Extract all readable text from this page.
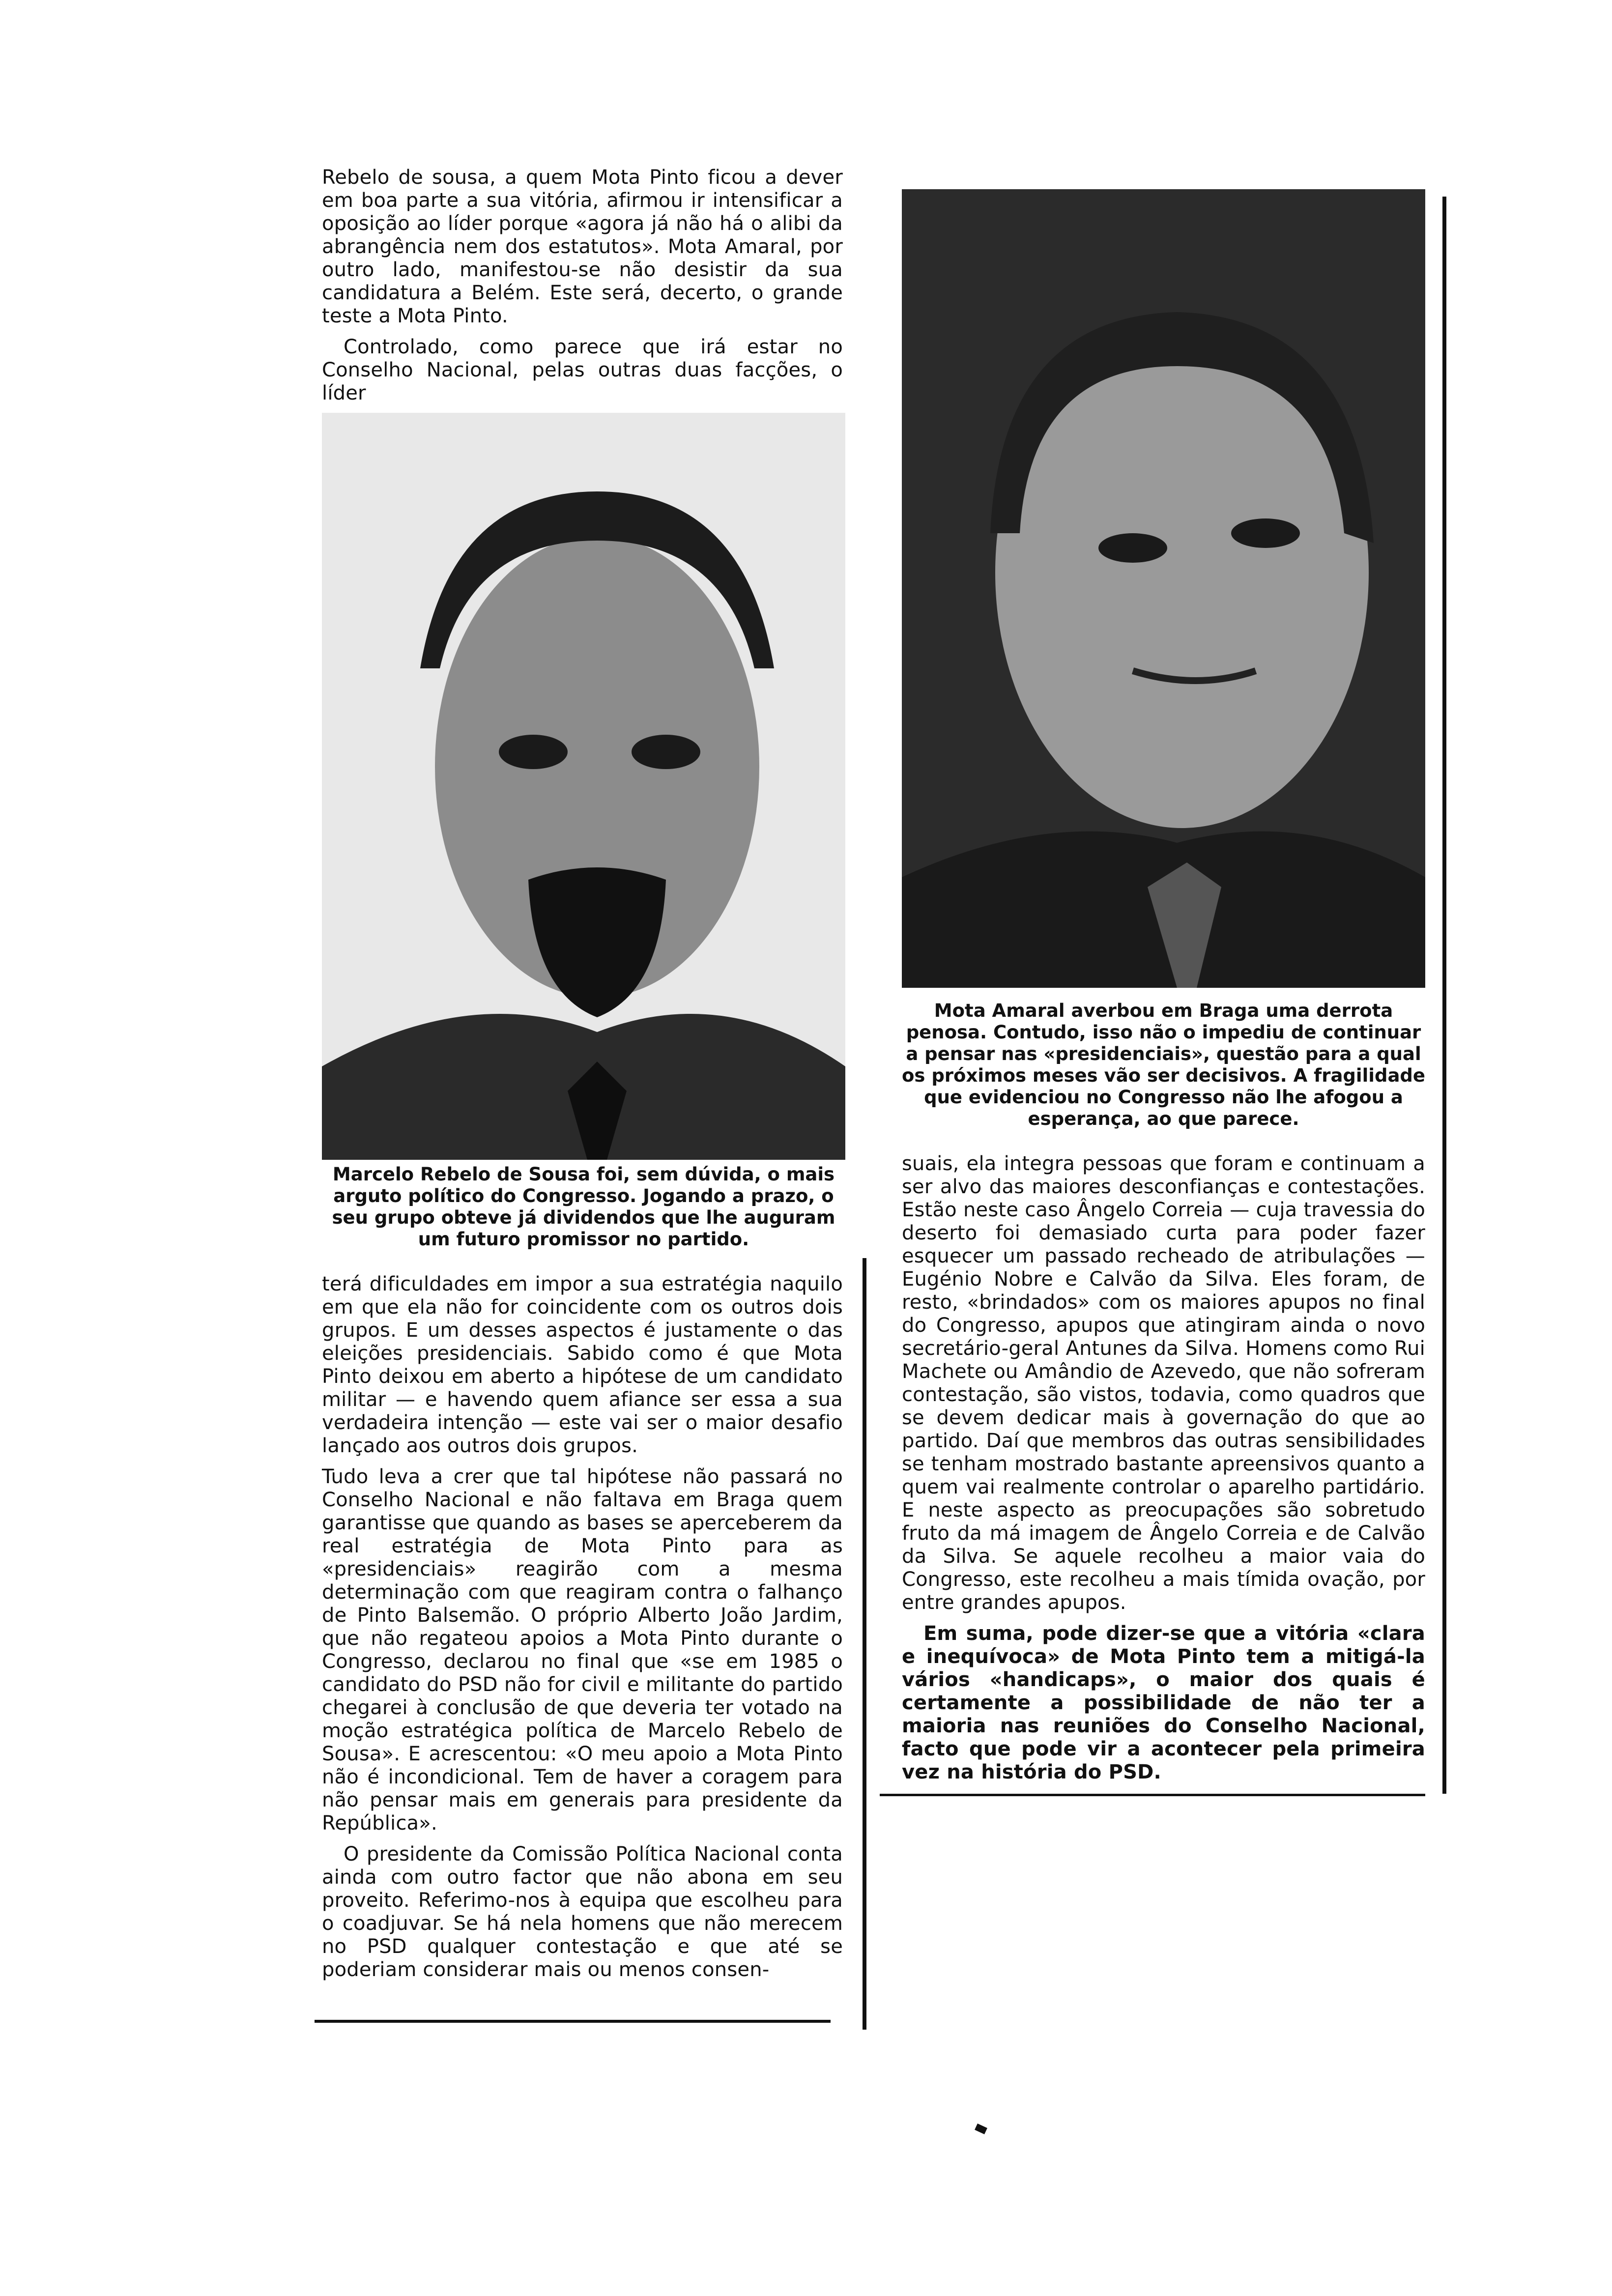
Rebelo de sousa, a quem Mota Pinto ficou a dever em boa parte a sua vitória, afirmou ir intensificar a oposição ao líder porque «agora já não há o alibi da abrangência nem dos estatutos». Mota Amaral, por outro lado, manifestou-se não desistir da sua candidatura a Belém. Este será, decerto, o grande teste a Mota Pinto.

Controlado, como parece que irá estar no Conselho Nacional, pelas outras duas facções, o líder

Marcelo Rebelo de Sousa foi, sem dúvida, o mais arguto político do Congresso. Jogando a prazo, o seu grupo obteve já dividendos que lhe auguram um futuro promissor no partido.
Mota Amaral averbou em Braga uma derrota penosa. Contudo, isso não o impediu de continuar a pensar nas «presidenciais», questão para a qual os próximos meses vão ser decisivos. A fragilidade que evidenciou no Congresso não lhe afogou a esperança, ao que parece.

terá dificuldades em impor a sua estratégia naquilo em que ela não for coincidente com os outros dois grupos. E um desses aspectos é justamente o das eleições presidenciais. Sabido como é que Mota Pinto deixou em aberto a hipótese de um candidato militar — e havendo quem afiance ser essa a sua verdadeira intenção — este vai ser o maior desafio lançado aos outros dois grupos.

Tudo leva a crer que tal hipótese não passará no Conselho Nacional e não faltava em Braga quem garantisse que quando as bases se aperceberem da real estratégia de Mota Pinto para as «presidenciais» reagirão com a mesma determinação com que reagiram contra o falhanço de Pinto Balsemão. O próprio Alberto João Jardim, que não regateou apoios a Mota Pinto durante o Congresso, declarou no final que «se em 1985 o candidato do PSD não for civil e militante do partido chegarei à conclusão de que deveria ter votado na moção estratégica política de Marcelo Rebelo de Sousa». E acrescentou: «O meu apoio a Mota Pinto não é incondicional. Tem de haver a coragem para não pensar mais em generais para presidente da República».

O presidente da Comissão Política Nacional conta ainda com outro factor que não abona em seu proveito. Referimo-nos à equipa que escolheu para o coadjuvar. Se há nela homens que não merecem no PSD qualquer contestação e que até se poderiam considerar mais ou menos consen-

suais, ela integra pessoas que foram e continuam a ser alvo das maiores desconfianças e contestações. Estão neste caso Ângelo Correia — cuja travessia do deserto foi demasiado curta para poder fazer esquecer um passado recheado de atribulações — Eugénio Nobre e Calvão da Silva. Eles foram, de resto, «brindados» com os maiores apupos no final do Congresso, apupos que atingiram ainda o novo secretário-geral Antunes da Silva. Homens como Rui Machete ou Amândio de Azevedo, que não sofreram contestação, são vistos, todavia, como quadros que se devem dedicar mais à governação do que ao partido. Daí que membros das outras sensibilidades se tenham mostrado bastante apreensivos quanto a quem vai realmente controlar o aparelho partidário. E neste aspecto as preocupações são sobretudo fruto da má imagem de Ângelo Correia e de Calvão da Silva. Se aquele recolheu a maior vaia do Congresso, este recolheu a mais tímida ovação, por entre grandes apupos.

Em suma, pode dizer-se que a vitória «clara e inequívoca» de Mota Pinto tem a mitigá-la vários «handicaps», o maior dos quais é certamente a possibilidade de não ter a maioria nas reuniões do Conselho Nacional, facto que pode vir a acontecer pela primeira vez na história do PSD.
